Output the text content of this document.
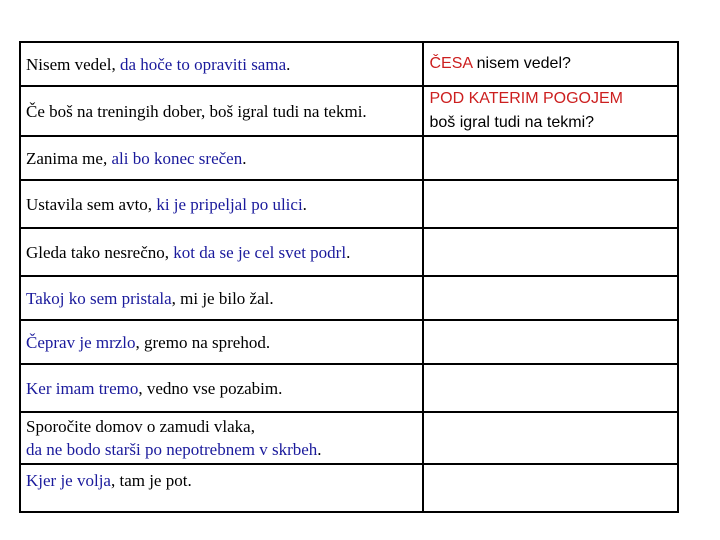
Nisem vedel, da hoče to opraviti sama.	ČESA nisem vedel?
Če boš na treningih dober, boš igral tudi na tekmi.	POD KATERIM POGOJEM
boš igral tudi na tekmi?
Zanima me, ali bo konec srečen.	
Ustavila sem avto, ki je pripeljal po ulici.	
Gleda tako nesrečno, kot da se je cel svet podrl.	
Takoj ko sem pristala, mi je bilo žal.	
Čeprav je mrzlo, gremo na sprehod.	
Ker imam tremo, vedno vse pozabim.	
Sporočite domov o zamudi vlaka,
da ne bodo starši po nepotrebnem v skrbeh.	
Kjer je volja, tam je pot.	
